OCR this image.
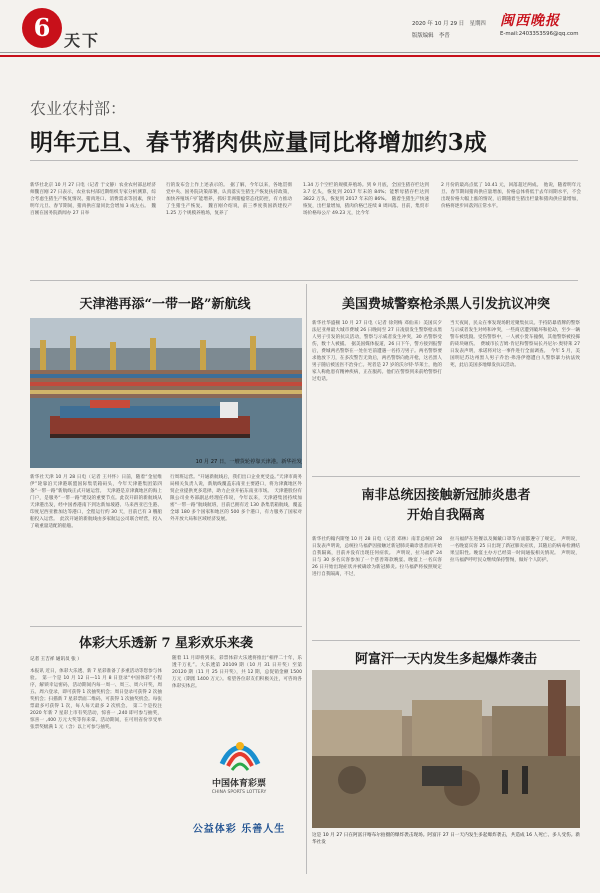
6 天下
2020 年 10 月 29 日　星期四
版版编辑　李普	E-mail:2403353596@qq.com
闽西晚报
农业农村部：
明年元旦、春节猪肉供应量同比将增加约3成
新华社北京 10 月 27 日电（记者 于文静）农业农村部总经济师魏百刚 27 日表示，农业农村部近期组织专家分析测算，综合考虑生猪生产恢复情况、猪肉进口、消费需求等因素，预计明年元旦、春节期间，猪肉供应量同比会增加 3 成左右。　魏百刚在国务院新闻办 27 日举
行的发布会上作上述表示的。　据了解，今年以来，各地贯彻党中央、国务院决策部署，认真落实生猪生产恢复扶持政策，加快养殖场户扩能增养，抓好非洲猪瘟常态化防控，有力推动了生猪生产恢复。　魏百刚介绍说，前三季度我国新建投产 1.25 万个规模养殖场，复养了
1.34 万个空栏的规模养殖场。到 9 月底，全国生猪存栏达到 3.7 亿头，恢复到 2017 年末的 84%；能繁母猪存栏达到 3822 万头，恢复到 2017 年末的 86%。　随着生猪生产快速恢复，出栏量增加，猪肉价格已连续 8 周回落。目前，集贸市场价格每公斤 49.23 元，比今年
2 月份的最高点低了 10.41 元，回落超过两成。　他说，随着明年元旦、春节期间猪肉供应量增加，价格总体将低于去年同期水平，不会出现价格大幅上涨的情况，后期随着生猪出栏量和猪肉供应量增加，价格将逐步回落到正常水平。
天津港再添“一带一路”新航线
10 月 27 日，一艘货轮停靠天津港。新华社发
新华社天津 10 月 28 日电（记者 王井怀）日前，随着“金星维伊”轮靠泊天津港联盟国际集装箱码头，今年天津港集团第四条“一带一路”新航线正式开通运营。　天津港是京津冀地区的海上门户，是服务“一带一路”建设的重要节点。此次开辟的新航线从天津港出发，经中国香港南下到达新加坡港、马来西亚巴生港、印度尼西亚雅加达等港口，全程运行约 30 天，目前已有 3 艘船舶投入运营。　此次开通的新航线由多家航运公司联合经营，投入了载重量适配的船舶。
行周班运营。“开通新航线后，我们出口企业更受益。”天津市商务局相关负责人说，新航线覆盖东南亚主要港口，将为津冀地区外贸企业提供更多选择，助力企业开拓东南亚市场。　天津港股份有限公司业务部副总经理任伟说，今年以来，天津港集团持续加密“一带一路”航线航班，目前已拥有近 130 条集装箱航线，覆盖全球 180 多个国家和地区的 500 多个港口，有力服务了国家对外开放大局和区域经济发展。
美国费城警察枪杀黑人引发抗议冲突
新华社华盛顿 10 月 27 日电（记者 徐剑梅 邓仙来）美国宾夕法尼亚州最大城市费城 26 日晚间至 27 日凌晨发生警察枪杀黑人男子引发的抗议活动，警察与示威者发生冲突，30 名警察受伤，数十人被捕。　据美国媒体报道，26 日下午，警方接到报警后，费城两名警察在一处住宅前遭遇一名持刀男子。两名警察要求他放下刀，在多次警告无效后，两名警察向他开枪，这名黑人男子随后被送医不治身亡。死者是 27 岁的沃尔特·华莱士，他的家人称他患有精神疾病，正在服药。他们在警察到来前给警察打过电话。
当天夜间，民众在事发现场附近聚集抗议。手持防暴盾牌的警察与示威者发生对峙和冲突，一些商店遭到破坏和抢劫，至少一辆警车被烧毁。受伤警察中，一人被小货车撞倒，其他警察被投掷的砖块砸伤。　费城市长吉姆·肯尼和警察局长丹尼尔·奥特莱 27 日发表声明，承诺将对这一事件进行全面调查。　今年 5 月，美国明尼苏达州黑人男子乔治·弗洛伊德遭白人警察暴力执法致死，此后美国多地爆发抗议活动。
南非总统因接触新冠肺炎患者
开始自我隔离
新华社约翰内斯堡 10 月 28 日电（记者 邓林）南非总统府 28 日发表声明说，总统拉马福萨因接触过新冠肺炎确诊患者而开始自我隔离，目前并没有出现任何症状。　声明说，拉马福萨 24 日与 30 多名宾客参加了一个慈善筹款晚宴。晚宴上一名宾客 26 日开始出现症状并被确诊为新冠肺炎。拉马福萨将按照规定进行自我隔离，不过，
拉马福萨在进餐以及佩戴口罩等方面都遵守了规定。　声明说，一名晚宴宾客 25 日出现了新冠肺炎症状，其随后的病毒检测结果呈阳性。晚宴主办方已经第一时间通报相关情况。　声明说，拉马福萨呼吁民众继续保持警惕，做好个人防护。
体彩大乐透新 7 星彩欢乐来袭
记者 王吉祥 通讯员 张 ）
本报讯 近日，体彩大乐透、新 7 星彩准备了多重活动等您参与体验。　第一个是 10 月 12 日—11 月 8 日登录“中国体彩”小程序，解锁幸运密码，活动期间内每一周一、周三、周六开奖，周五、周六登录，即可获得 1 次抽奖机会；周日登录可获得 2 次抽奖机会；扫描新 7 星彩票面二维码，可获得 1 次抽奖机会。每张票最多可获得 1 次，每人每天最多 2 次机会。　第二个是投注 2020 年新 7 星彩上市有奖活动，惊喜一 ,240 即可参与抽奖，惊喜一 ,400 万元大奖等你来拿。活动期间，在可用省份享受单张票奖级满 1 元（含）以上可参与抽奖。
随着 11 月即将到来，彩票体彩大乐透将推出“相伴二十年，乐透千万礼”。大乐透第 20109 期（10 月 31 日开奖）至第 20120 期（11 月 25 日开奖），共 12 期，总促销金额 1500 万元（期派 1400 万元）。希望各位彩友们积极关注，可咨询各体彩实体店。
中国体育彩票
CHINA SPORTS LOTTERY
公益体彩 乐善人生
阿富汗一天内发生多起爆炸袭击
这是 10 月 27 日在阿富汗喀布尔拍摄的爆炸袭击现场。阿富汗 27 日一天内发生多起爆炸袭击，共造成 16 人死亡、多人受伤。新华社发
